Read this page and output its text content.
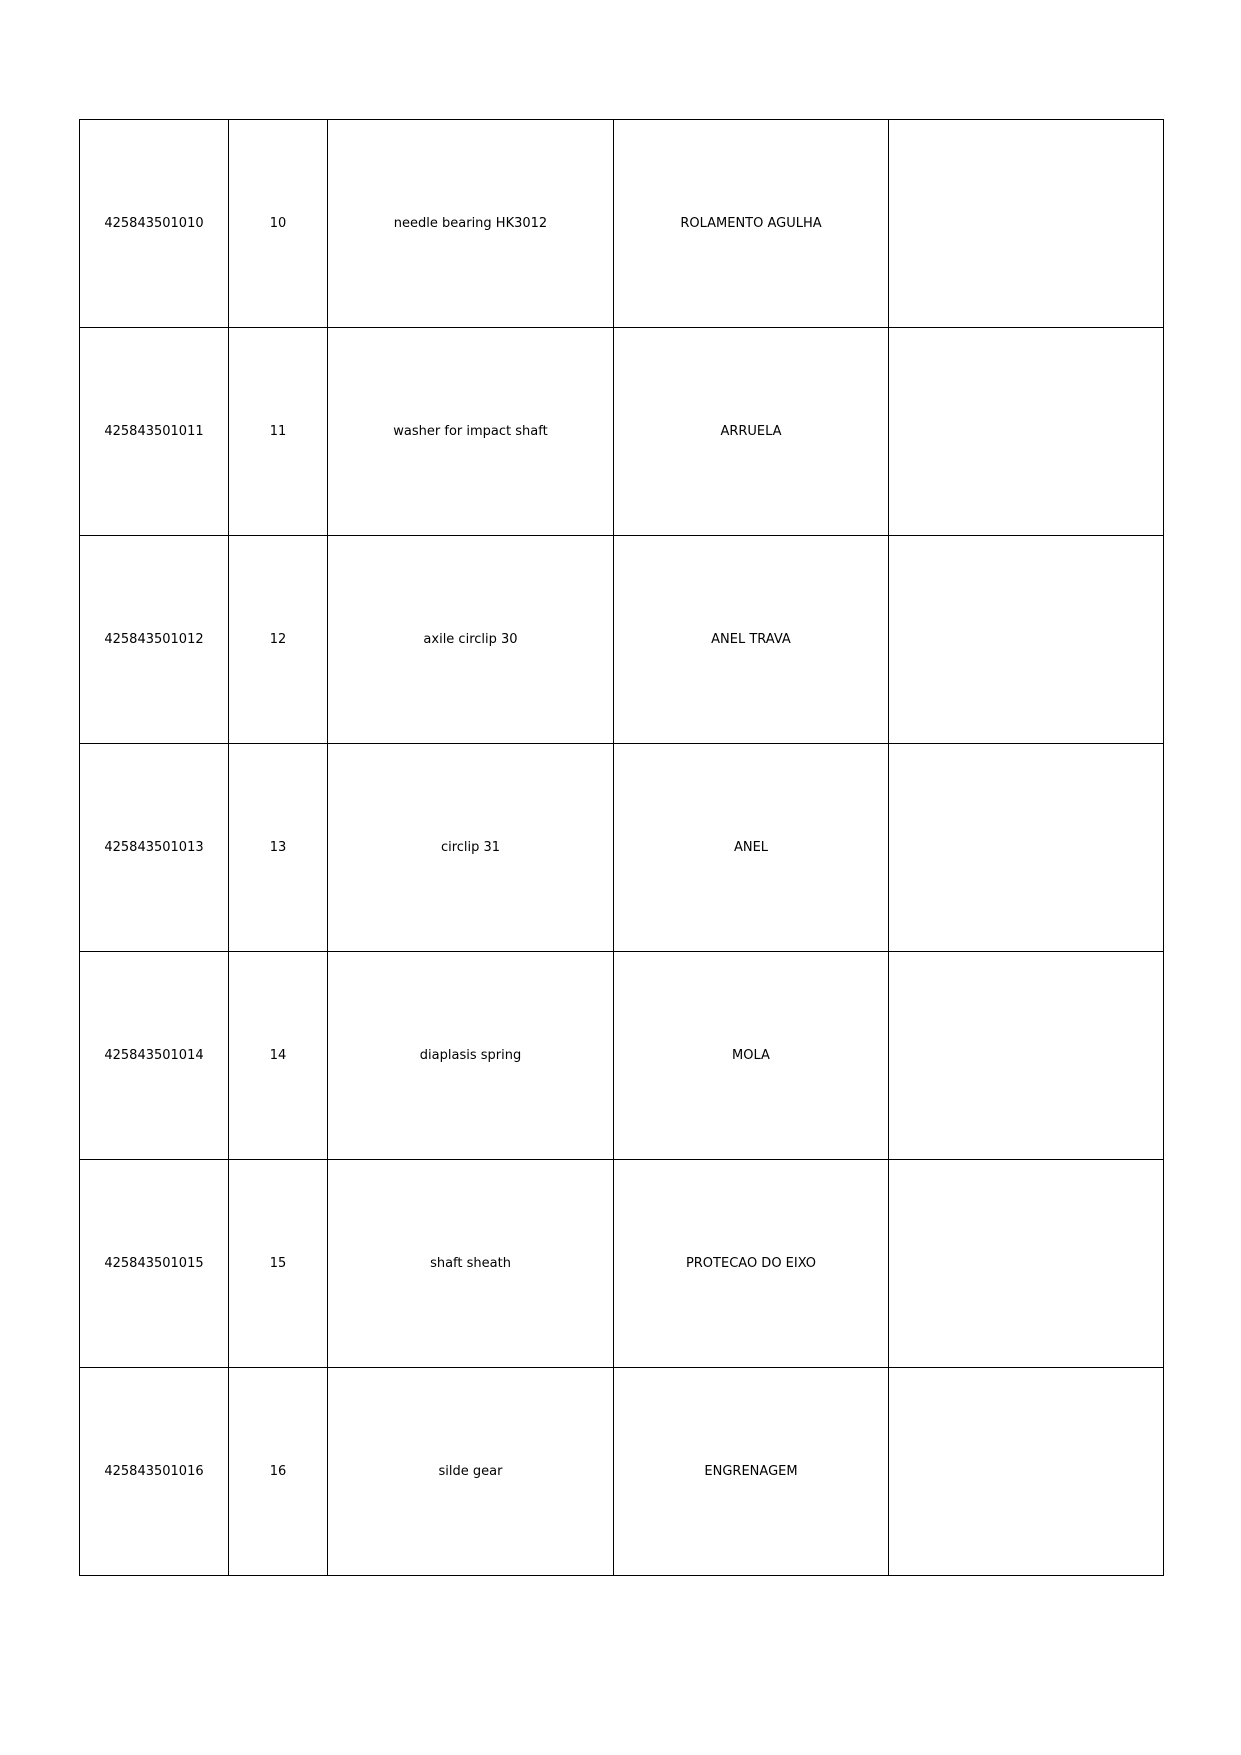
425843501010	10	needle bearing HK3012	ROLAMENTO AGULHA	
425843501011	11	washer for impact shaft	ARRUELA	
425843501012	12	axile circlip 30	ANEL TRAVA	
425843501013	13	circlip 31	ANEL	
425843501014	14	diaplasis spring	MOLA	
425843501015	15	shaft sheath	PROTECAO DO EIXO	
425843501016	16	silde gear	ENGRENAGEM	
